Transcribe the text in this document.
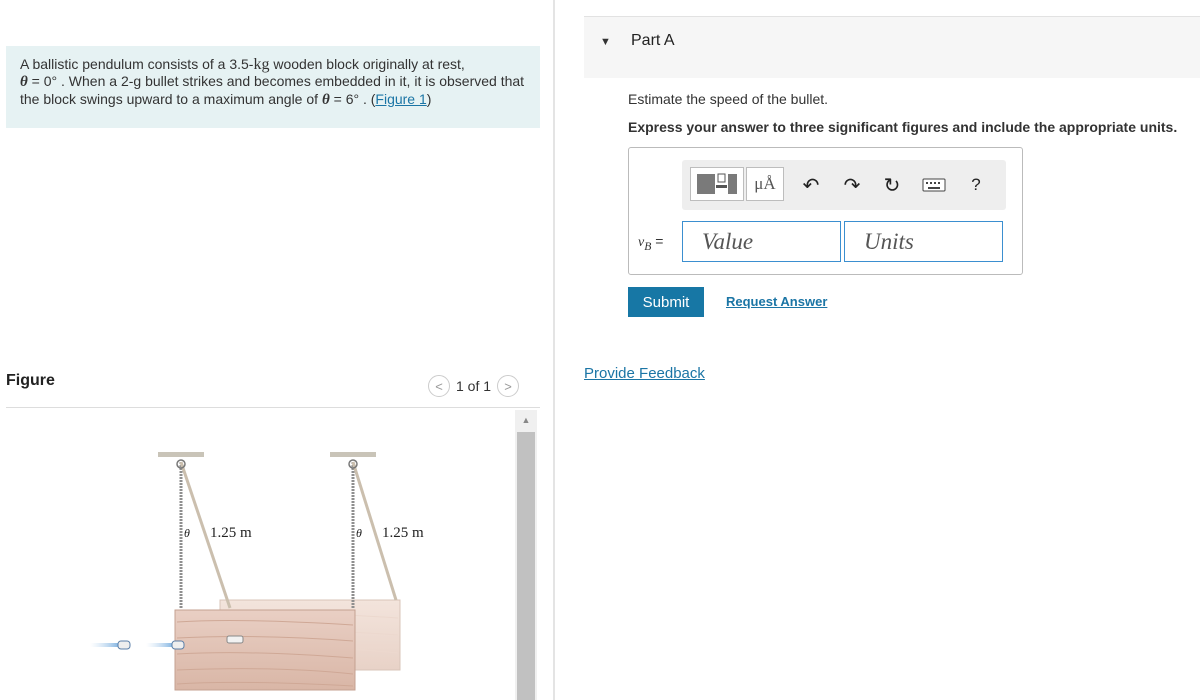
A ballistic pendulum consists of a 3.5-kg wooden block originally at rest,
θ = 0° . When a 2-g bullet strikes and becomes embedded in it, it is observed that the block swings upward to a maximum angle of θ = 6° . (Figure 1)

Figure	< 1 of 1	>
θ 1.25 m	θ 1.25 m
▲
▼ Part A
Estimate the speed of the bullet.
Express your answer to three significant figures and include the appropriate units.
μÅ	↶ ↷ ↻	?
$v_B$ =	Value	Units
Submit	Request Answer
Provide Feedback
